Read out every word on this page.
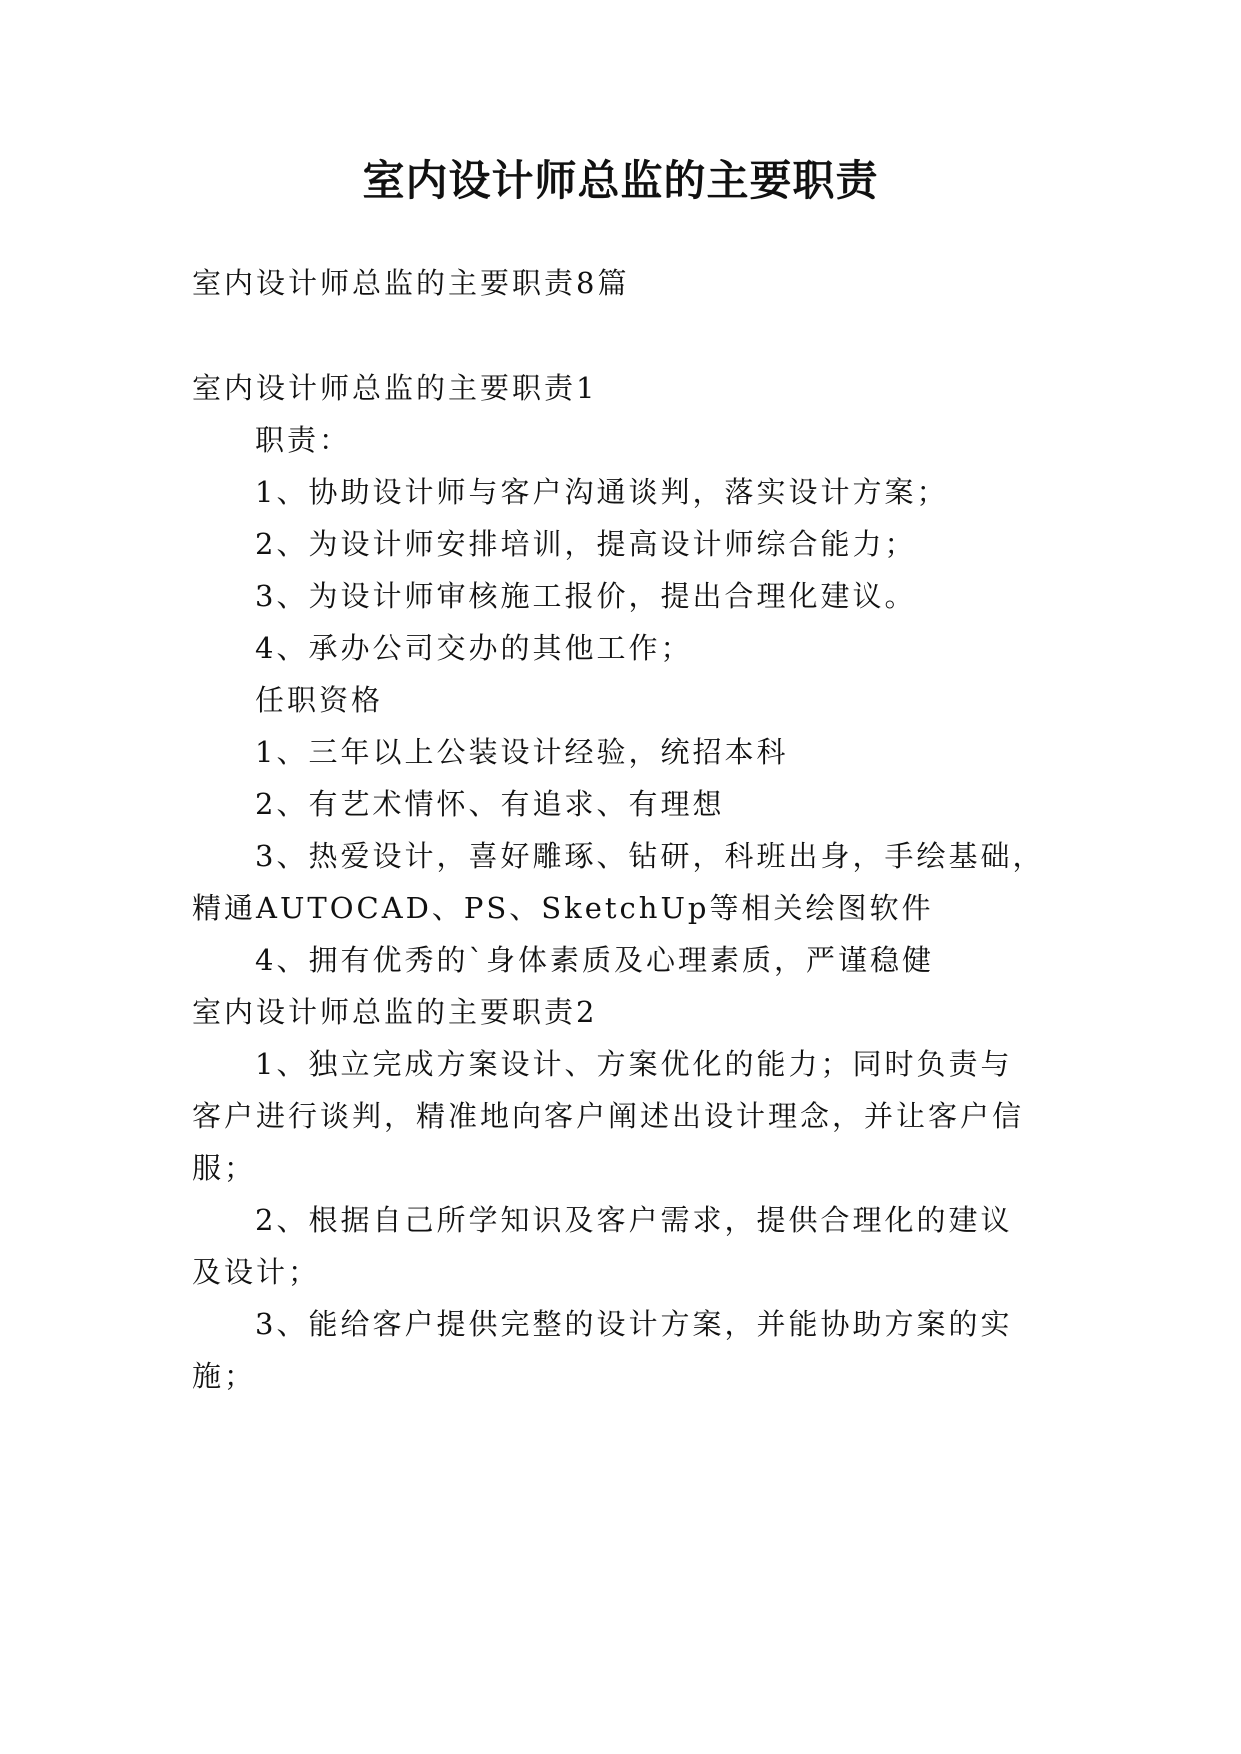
室内设计师总监的主要职责
室内设计师总监的主要职责8篇
室内设计师总监的主要职责1
职责：
1、协助设计师与客户沟通谈判，落实设计方案；
2、为设计师安排培训，提高设计师综合能力；
3、为设计师审核施工报价，提出合理化建议。
4、承办公司交办的其他工作；
任职资格
1、三年以上公装设计经验，统招本科
2、有艺术情怀、有追求、有理想
3、热爱设计，喜好雕琢、钻研，科班出身，手绘基础，
精通AUTOCAD、PS、SketchUp等相关绘图软件
4、拥有优秀的`身体素质及心理素质，严谨稳健
室内设计师总监的主要职责2
1、独立完成方案设计、方案优化的能力；同时负责与
客户进行谈判，精准地向客户阐述出设计理念，并让客户信
服；
2、根据自己所学知识及客户需求，提供合理化的建议
及设计；
3、能给客户提供完整的设计方案，并能协助方案的实
施；
